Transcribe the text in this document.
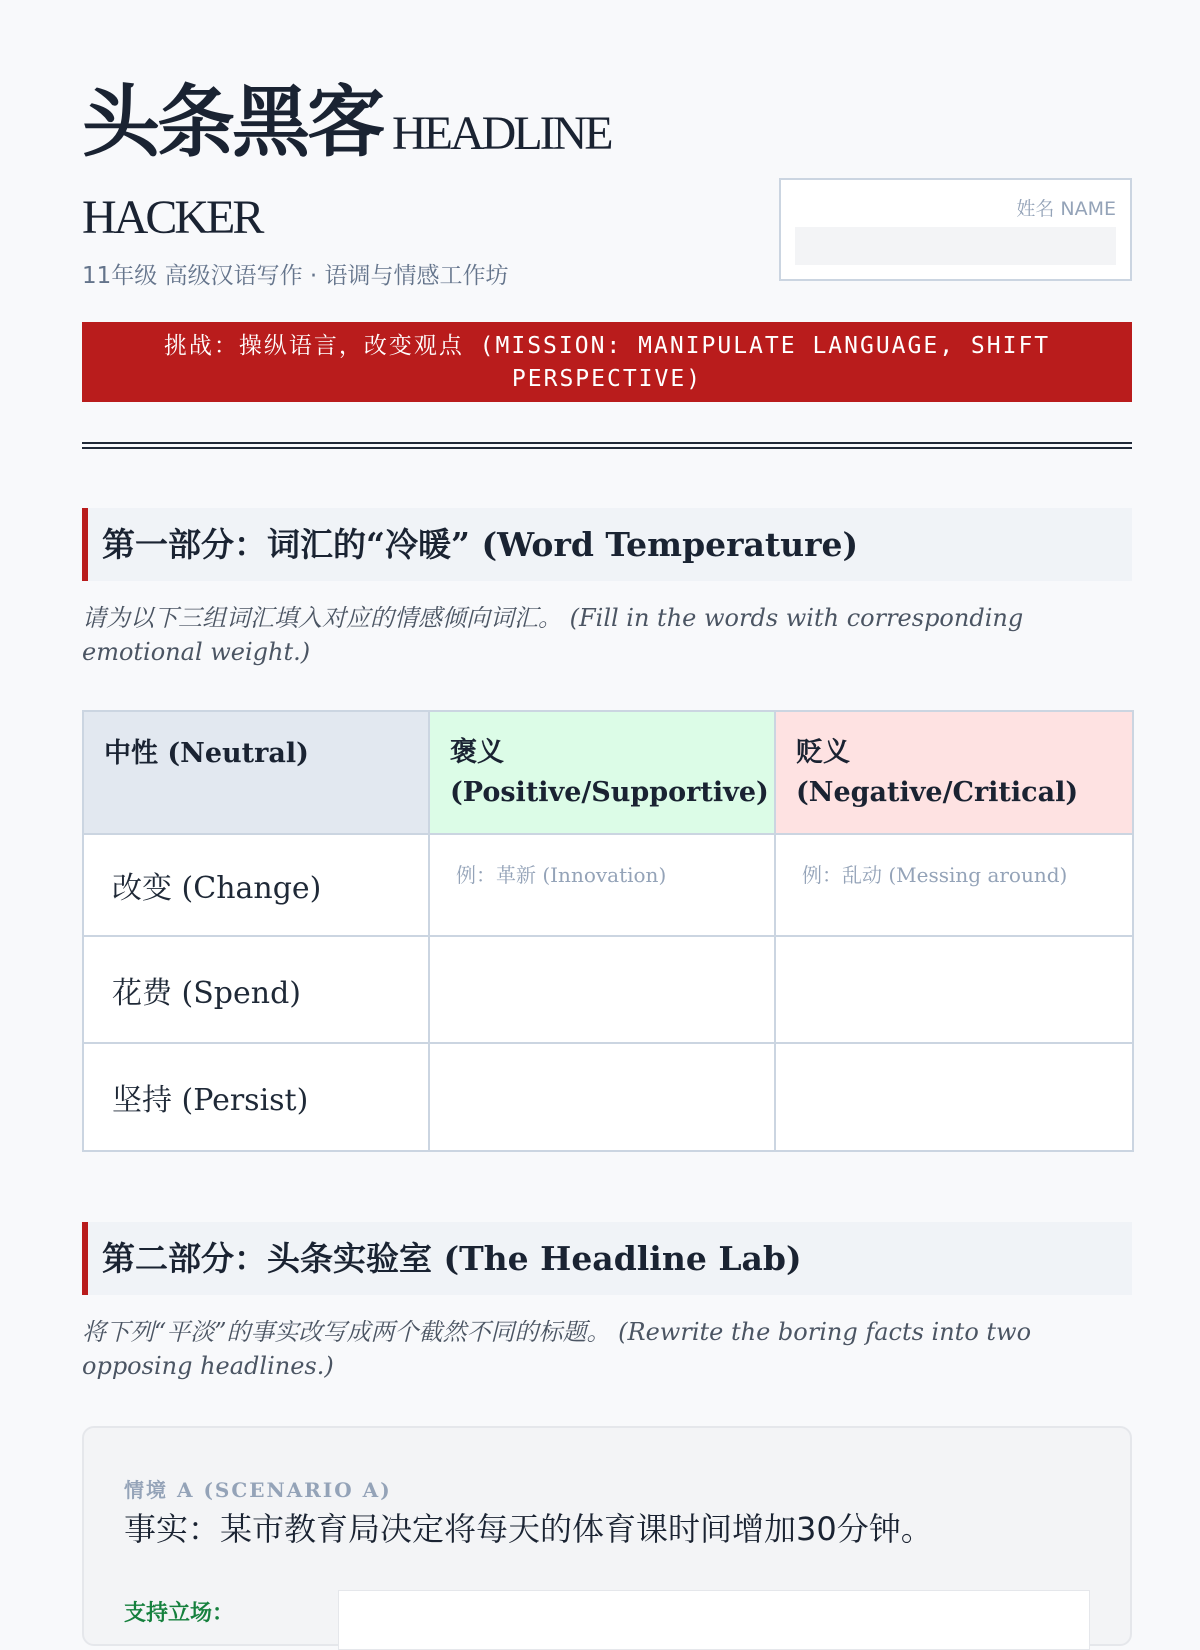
头条黑客 HEADLINE
HACKER
11年级 高级汉语写作 · 语调与情感工作坊
姓名 NAME
挑战：操纵语言，改变观点 (MISSION: MANIPULATE LANGUAGE, SHIFT PERSPECTIVE)
第一部分：词汇的“冷暖” (Word Temperature)
请为以下三组词汇填入对应的情感倾向词汇。 (Fill in the words with corresponding emotional weight.)
中性 (Neutral)	褒义 (Positive/Supportive)	贬义 (Negative/Critical)
改变 (Change)	例：革新 (Innovation)	例：乱动 (Messing around)
花费 (Spend)		
坚持 (Persist)		
第二部分：头条实验室 (The Headline Lab)
将下列“平淡”的事实改写成两个截然不同的标题。 (Rewrite the boring facts into two opposing headlines.)
情境 A (SCENARIO A)
事实：某市教育局决定将每天的体育课时间增加30分钟。
支持立场：
